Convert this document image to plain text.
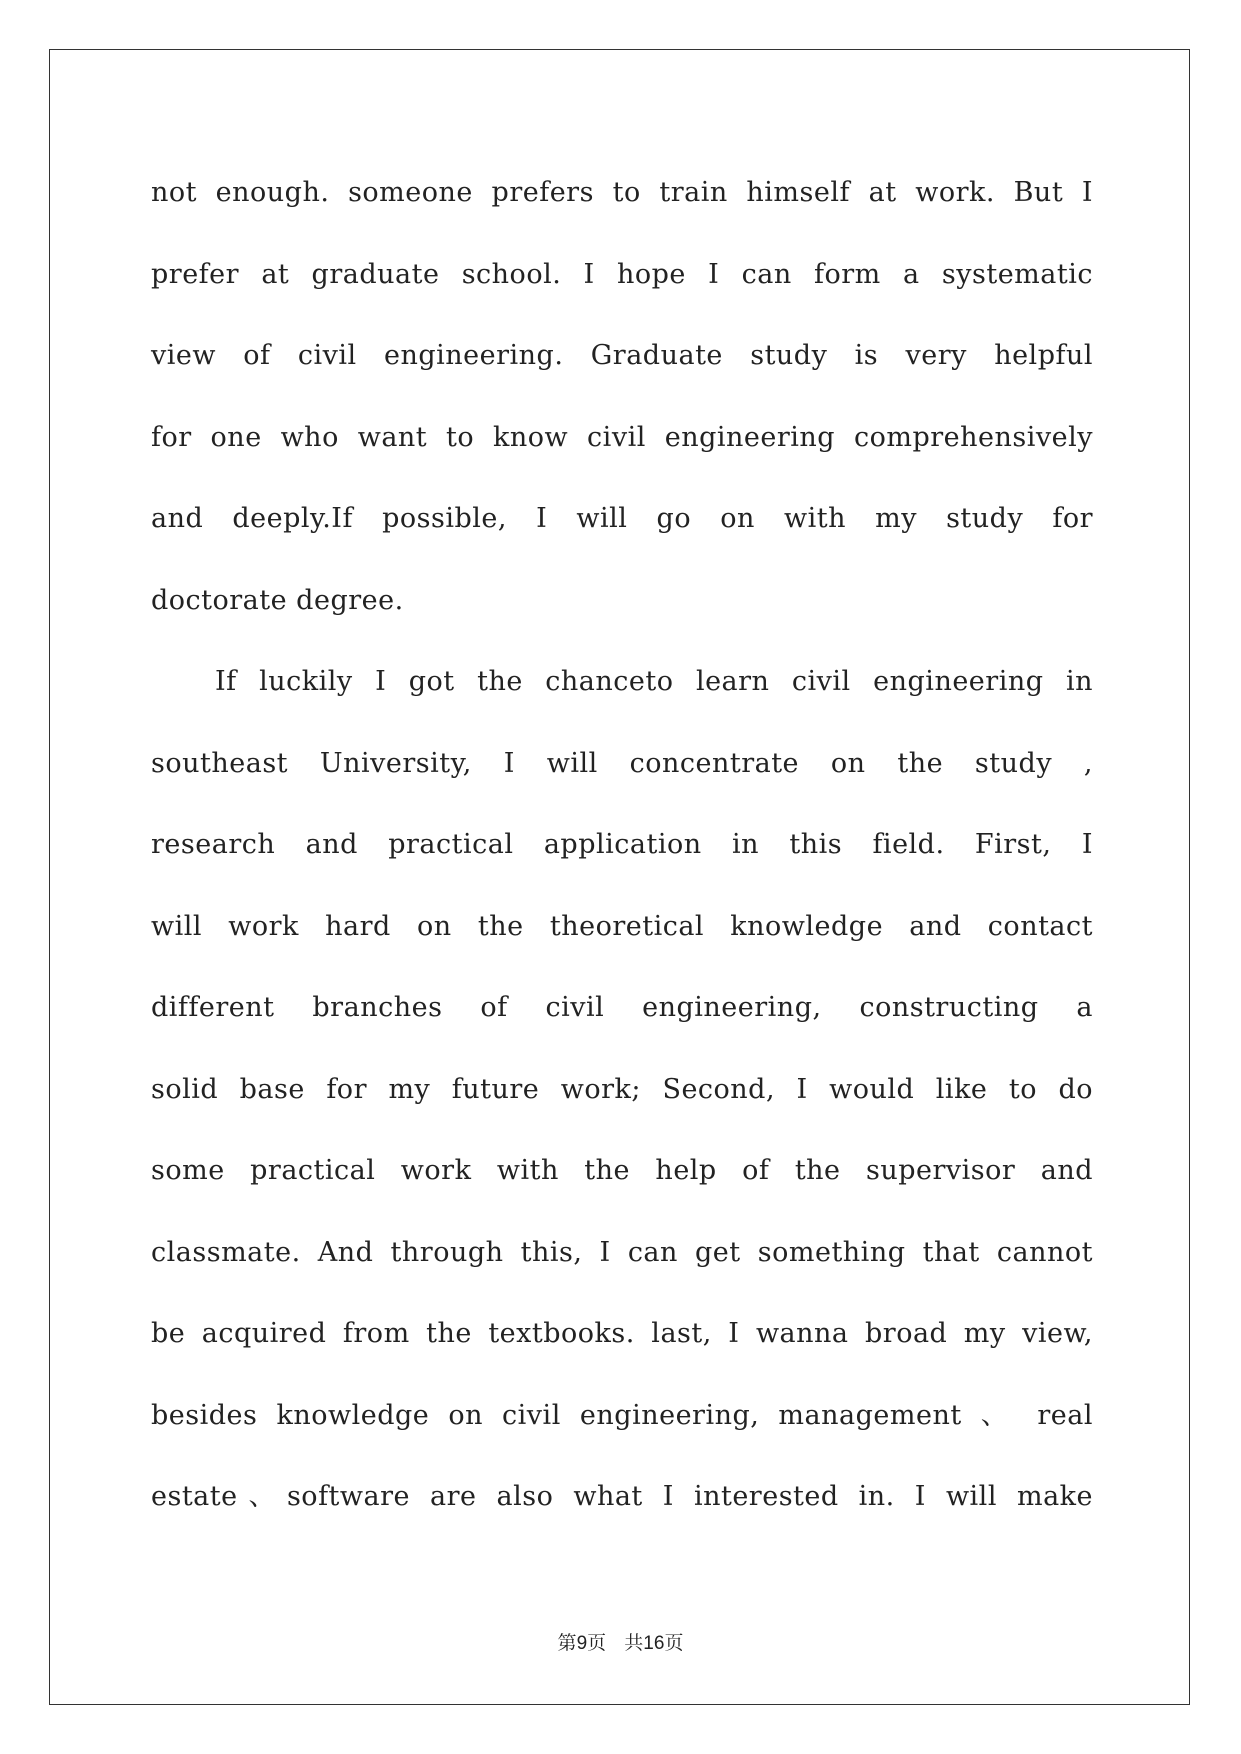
not enough. someone prefers to train himself at work. But I
prefer at graduate school. I hope I can form a systematic
view of civil engineering. Graduate study is very helpful
for one who want to know civil engineering comprehensively
and deeply.If possible, I will go on with my study for
doctorate degree.
If luckily I got the chanceto learn civil engineering in
southeast University, I will concentrate on the study ,
research and practical application in this field. First, I
will work hard on the theoretical knowledge and contact
different branches of civil engineering, constructing a
solid base for my future work; Second, I would like to do
some practical work with the help of the supervisor and
classmate. And through this, I can get something that cannot
be acquired from the textbooks. last, I wanna broad my view,
besides knowledge on civil engineering, management 、 real
estate、software are also what I interested in. I will make
第9页 共16页
